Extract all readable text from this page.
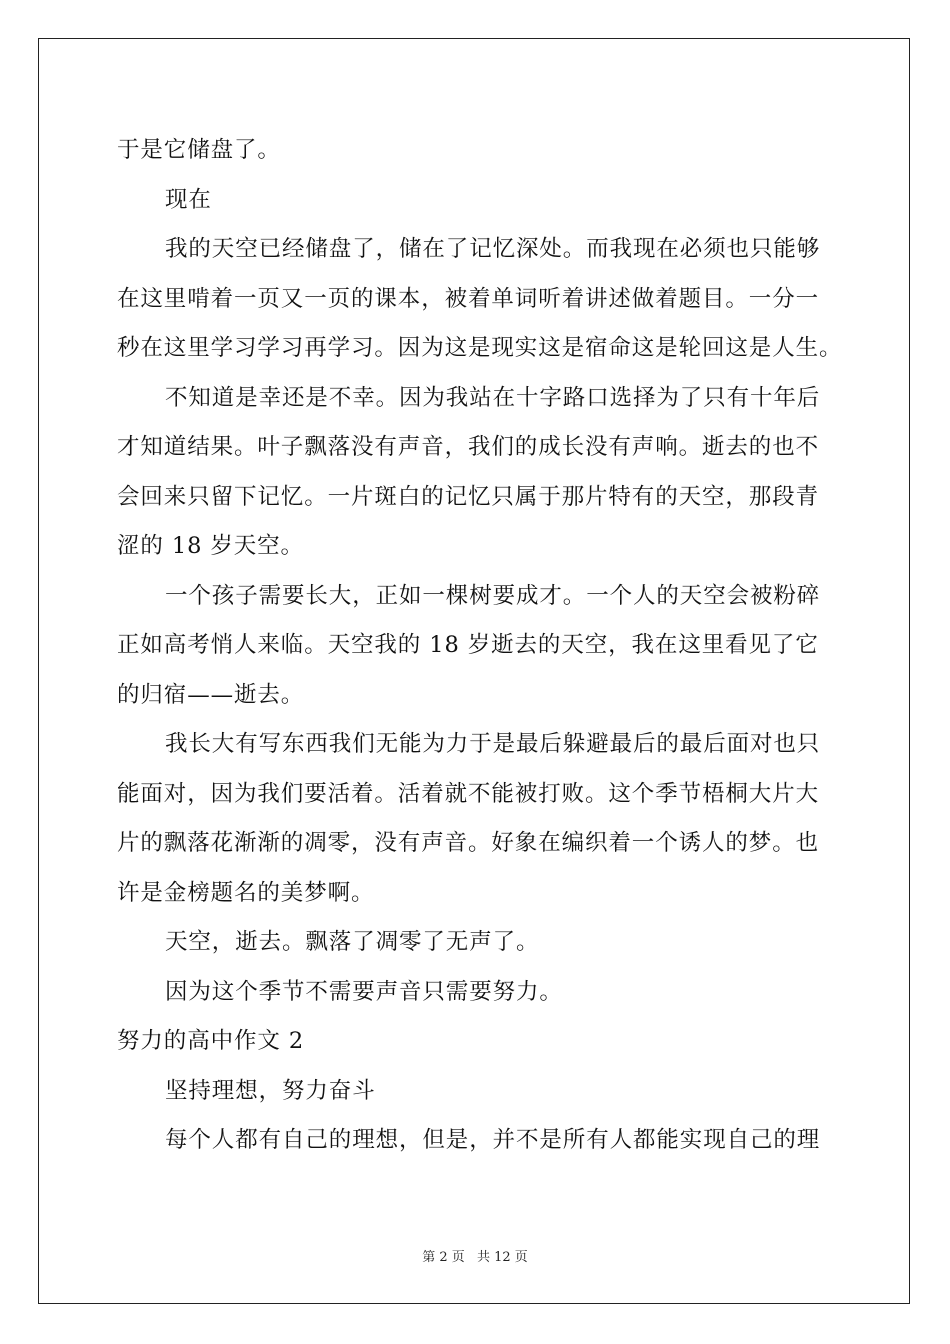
于是它储盘了。
现在
我的天空已经储盘了，储在了记忆深处。而我现在必须也只能够
在这里啃着一页又一页的课本，被着单词听着讲述做着题目。一分一
秒在这里学习学习再学习。因为这是现实这是宿命这是轮回这是人生。
不知道是幸还是不幸。因为我站在十字路口选择为了只有十年后
才知道结果。叶子飘落没有声音，我们的成长没有声响。逝去的也不
会回来只留下记忆。一片斑白的记忆只属于那片特有的天空，那段青
涩的 18 岁天空。
一个孩子需要长大，正如一棵树要成才。一个人的天空会被粉碎
正如高考悄人来临。天空我的 18 岁逝去的天空，我在这里看见了它
的归宿——逝去。
我长大有写东西我们无能为力于是最后躲避最后的最后面对也只
能面对，因为我们要活着。活着就不能被打败。这个季节梧桐大片大
片的飘落花渐渐的凋零，没有声音。好象在编织着一个诱人的梦。也
许是金榜题名的美梦啊。
天空，逝去。飘落了凋零了无声了。
因为这个季节不需要声音只需要努力。
努力的高中作文 2
坚持理想，努力奋斗
每个人都有自己的理想，但是，并不是所有人都能实现自己的理
第 2 页 共 12 页
